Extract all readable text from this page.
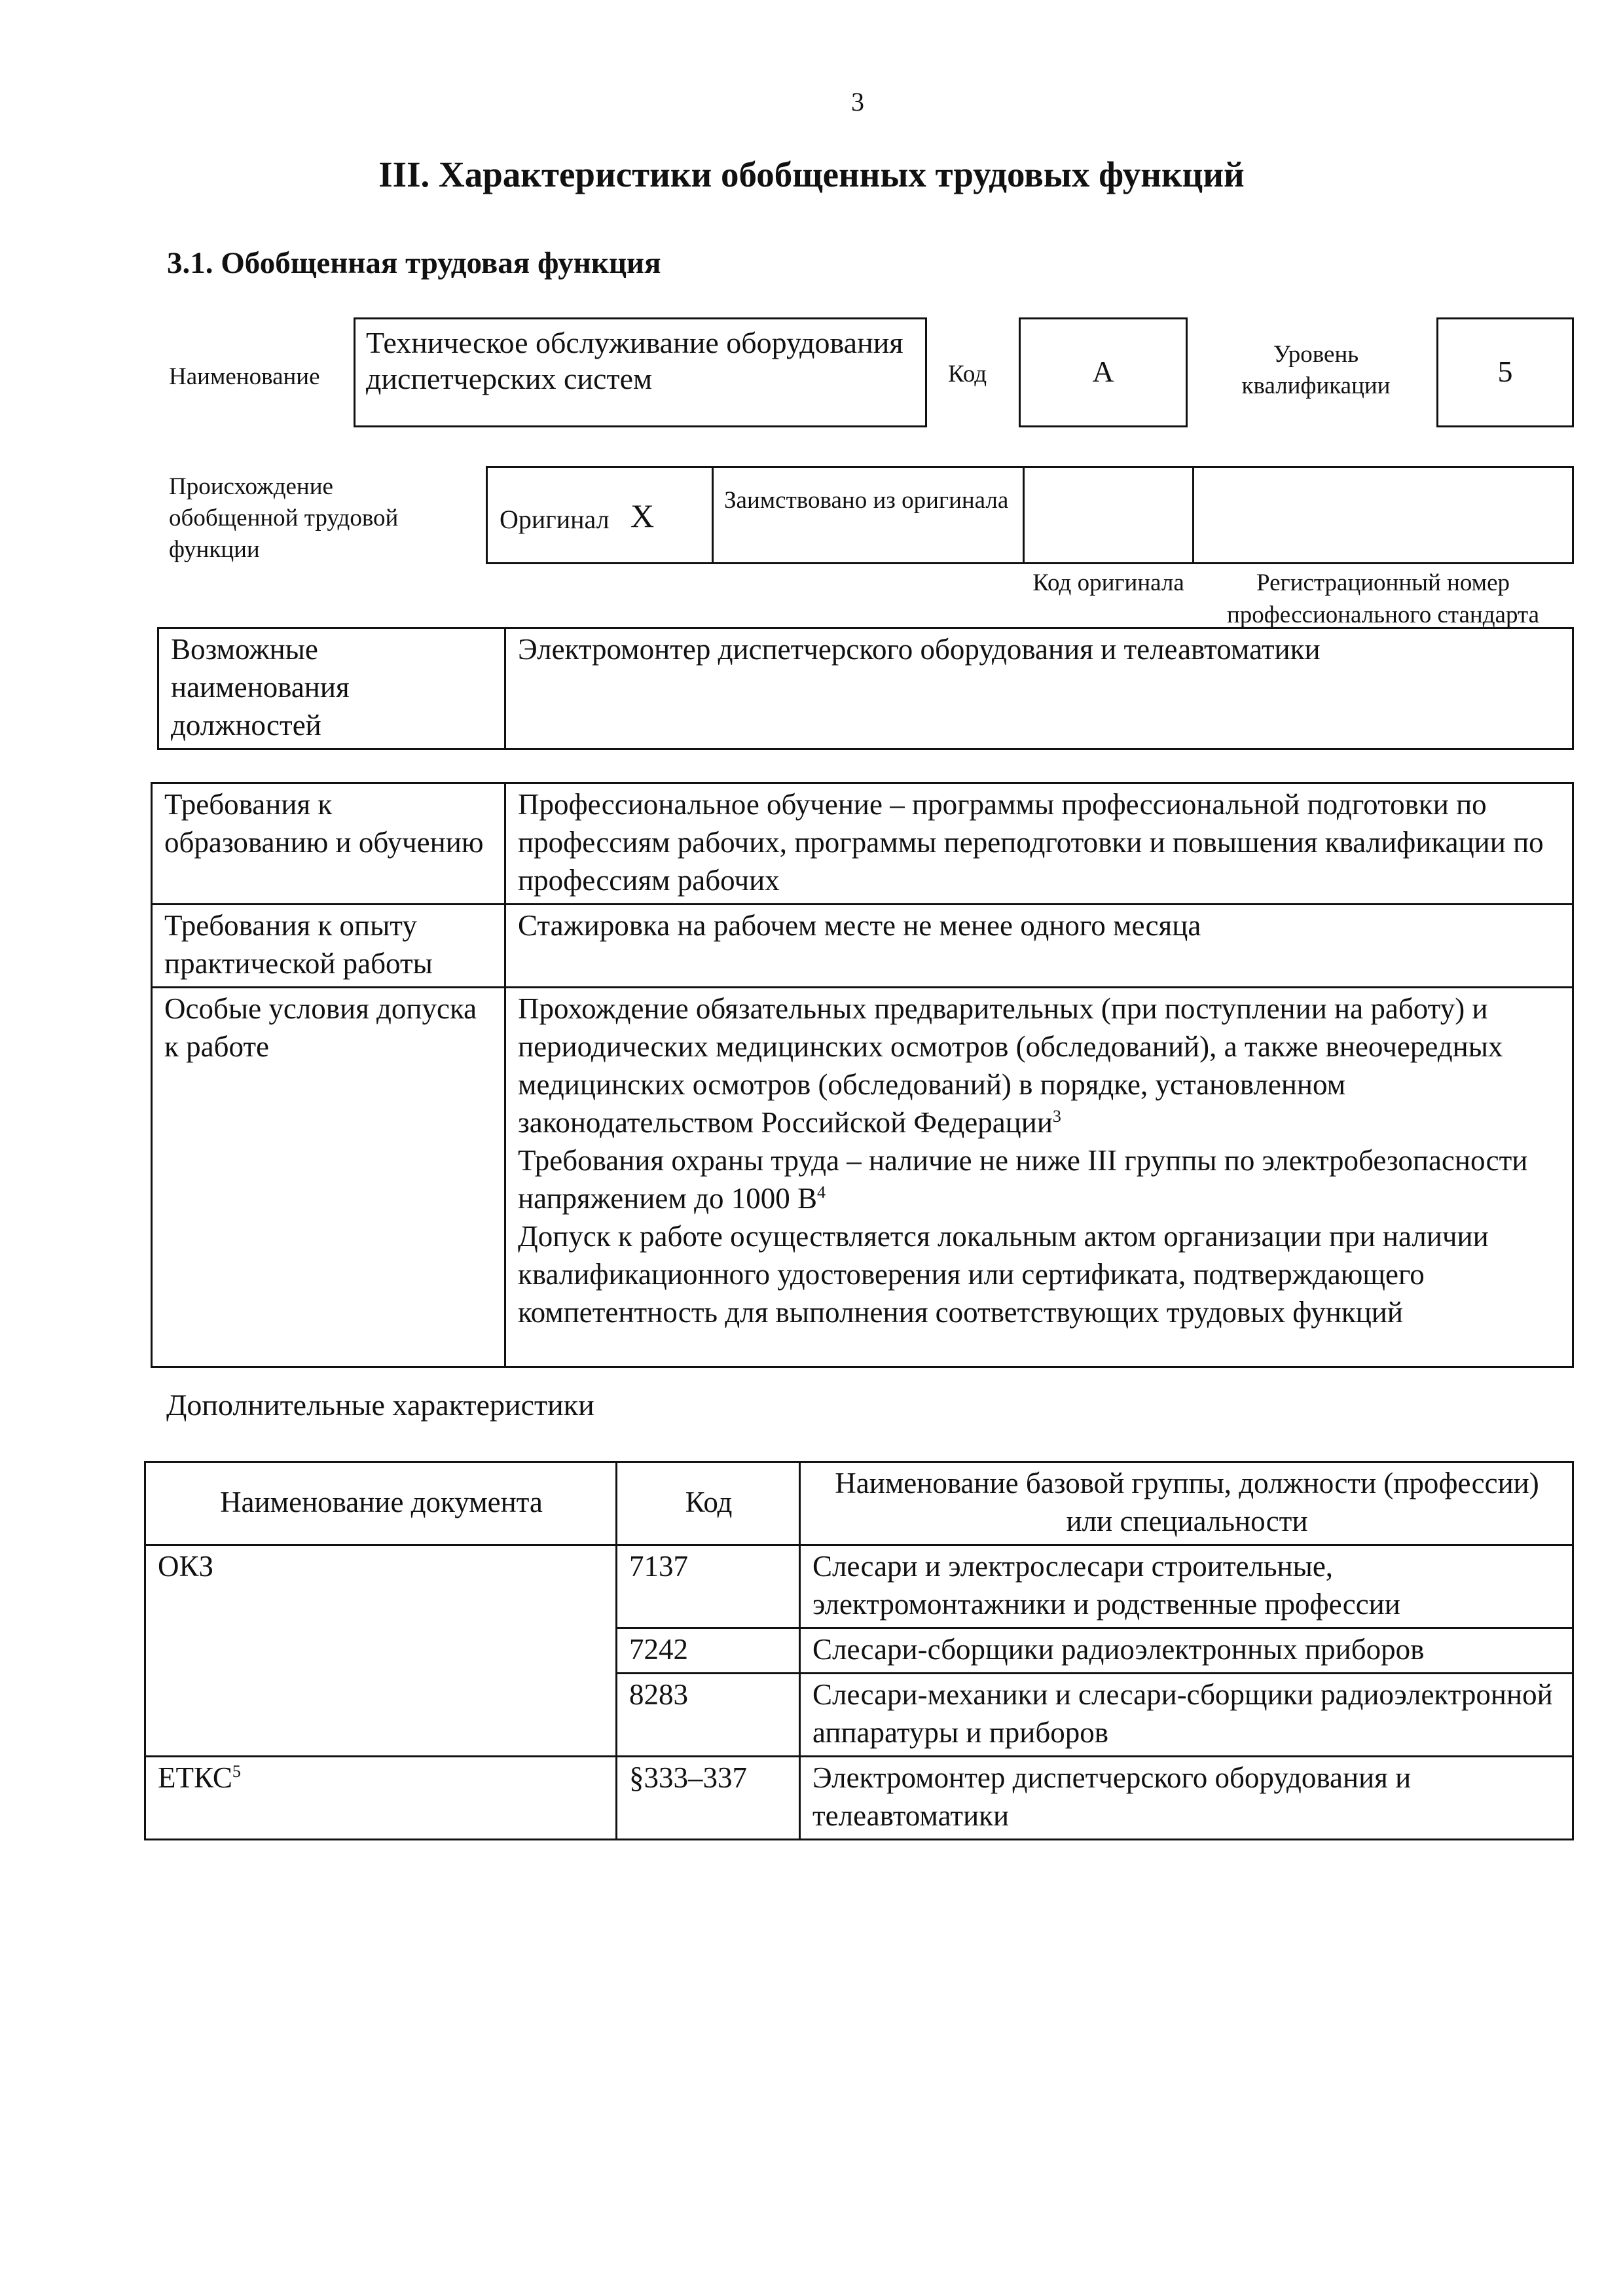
3
III. Характеристики обобщенных трудовых функций
3.1. Обобщенная трудовая функция
Наименование
Техническое обслуживание оборудования диспетчерских систем	Код	А
Уровень квалификации	5
Происхождение обобщенной трудовой функции
Оригинал Х	Заимствовано из оригинала
Код оригинала	Регистрационный номер профессионального стандарта
Возможные наименования должностей	Электромонтер диспетчерского оборудования и телеавтоматики
Требования к образованию и обучению	Профессиональное обучение – программы профессиональной подготовки по профессиям рабочих, программы переподготовки и повышения квалификации по профессиям рабочих
Требования к опыту практической работы	Стажировка на рабочем месте не менее одного месяца
Особые условия допуска к работе	Прохождение обязательных предварительных (при поступлении на работу) и периодических медицинских осмотров (обследований), а также внеочередных медицинских осмотров (обследований) в порядке, установленном законодательством Российской Федерации$^3$
Требования охраны труда – наличие не ниже III группы по электробезопасности напряжением до 1000 $В^4$
Допуск к работе осуществляется локальным актом организации при наличии квалификационного удостоверения или сертификата, подтверждающего компетентность для выполнения соответствующих трудовых функций
Дополнительные характеристики
Наименование документа	Код	Наименование базовой группы, должности (профессии) или специальности
ОКЗ	7137	Слесари и электрослесари строительные, электромонтажники и родственные профессии
	7242	Слесари-сборщики радиоэлектронных приборов
	8283	Слесари-механики и слесари-сборщики радиоэлектронной аппаратуры и приборов
ЕТКС$^5$	§333–337	Электромонтер диспетчерского оборудования и телеавтоматики
